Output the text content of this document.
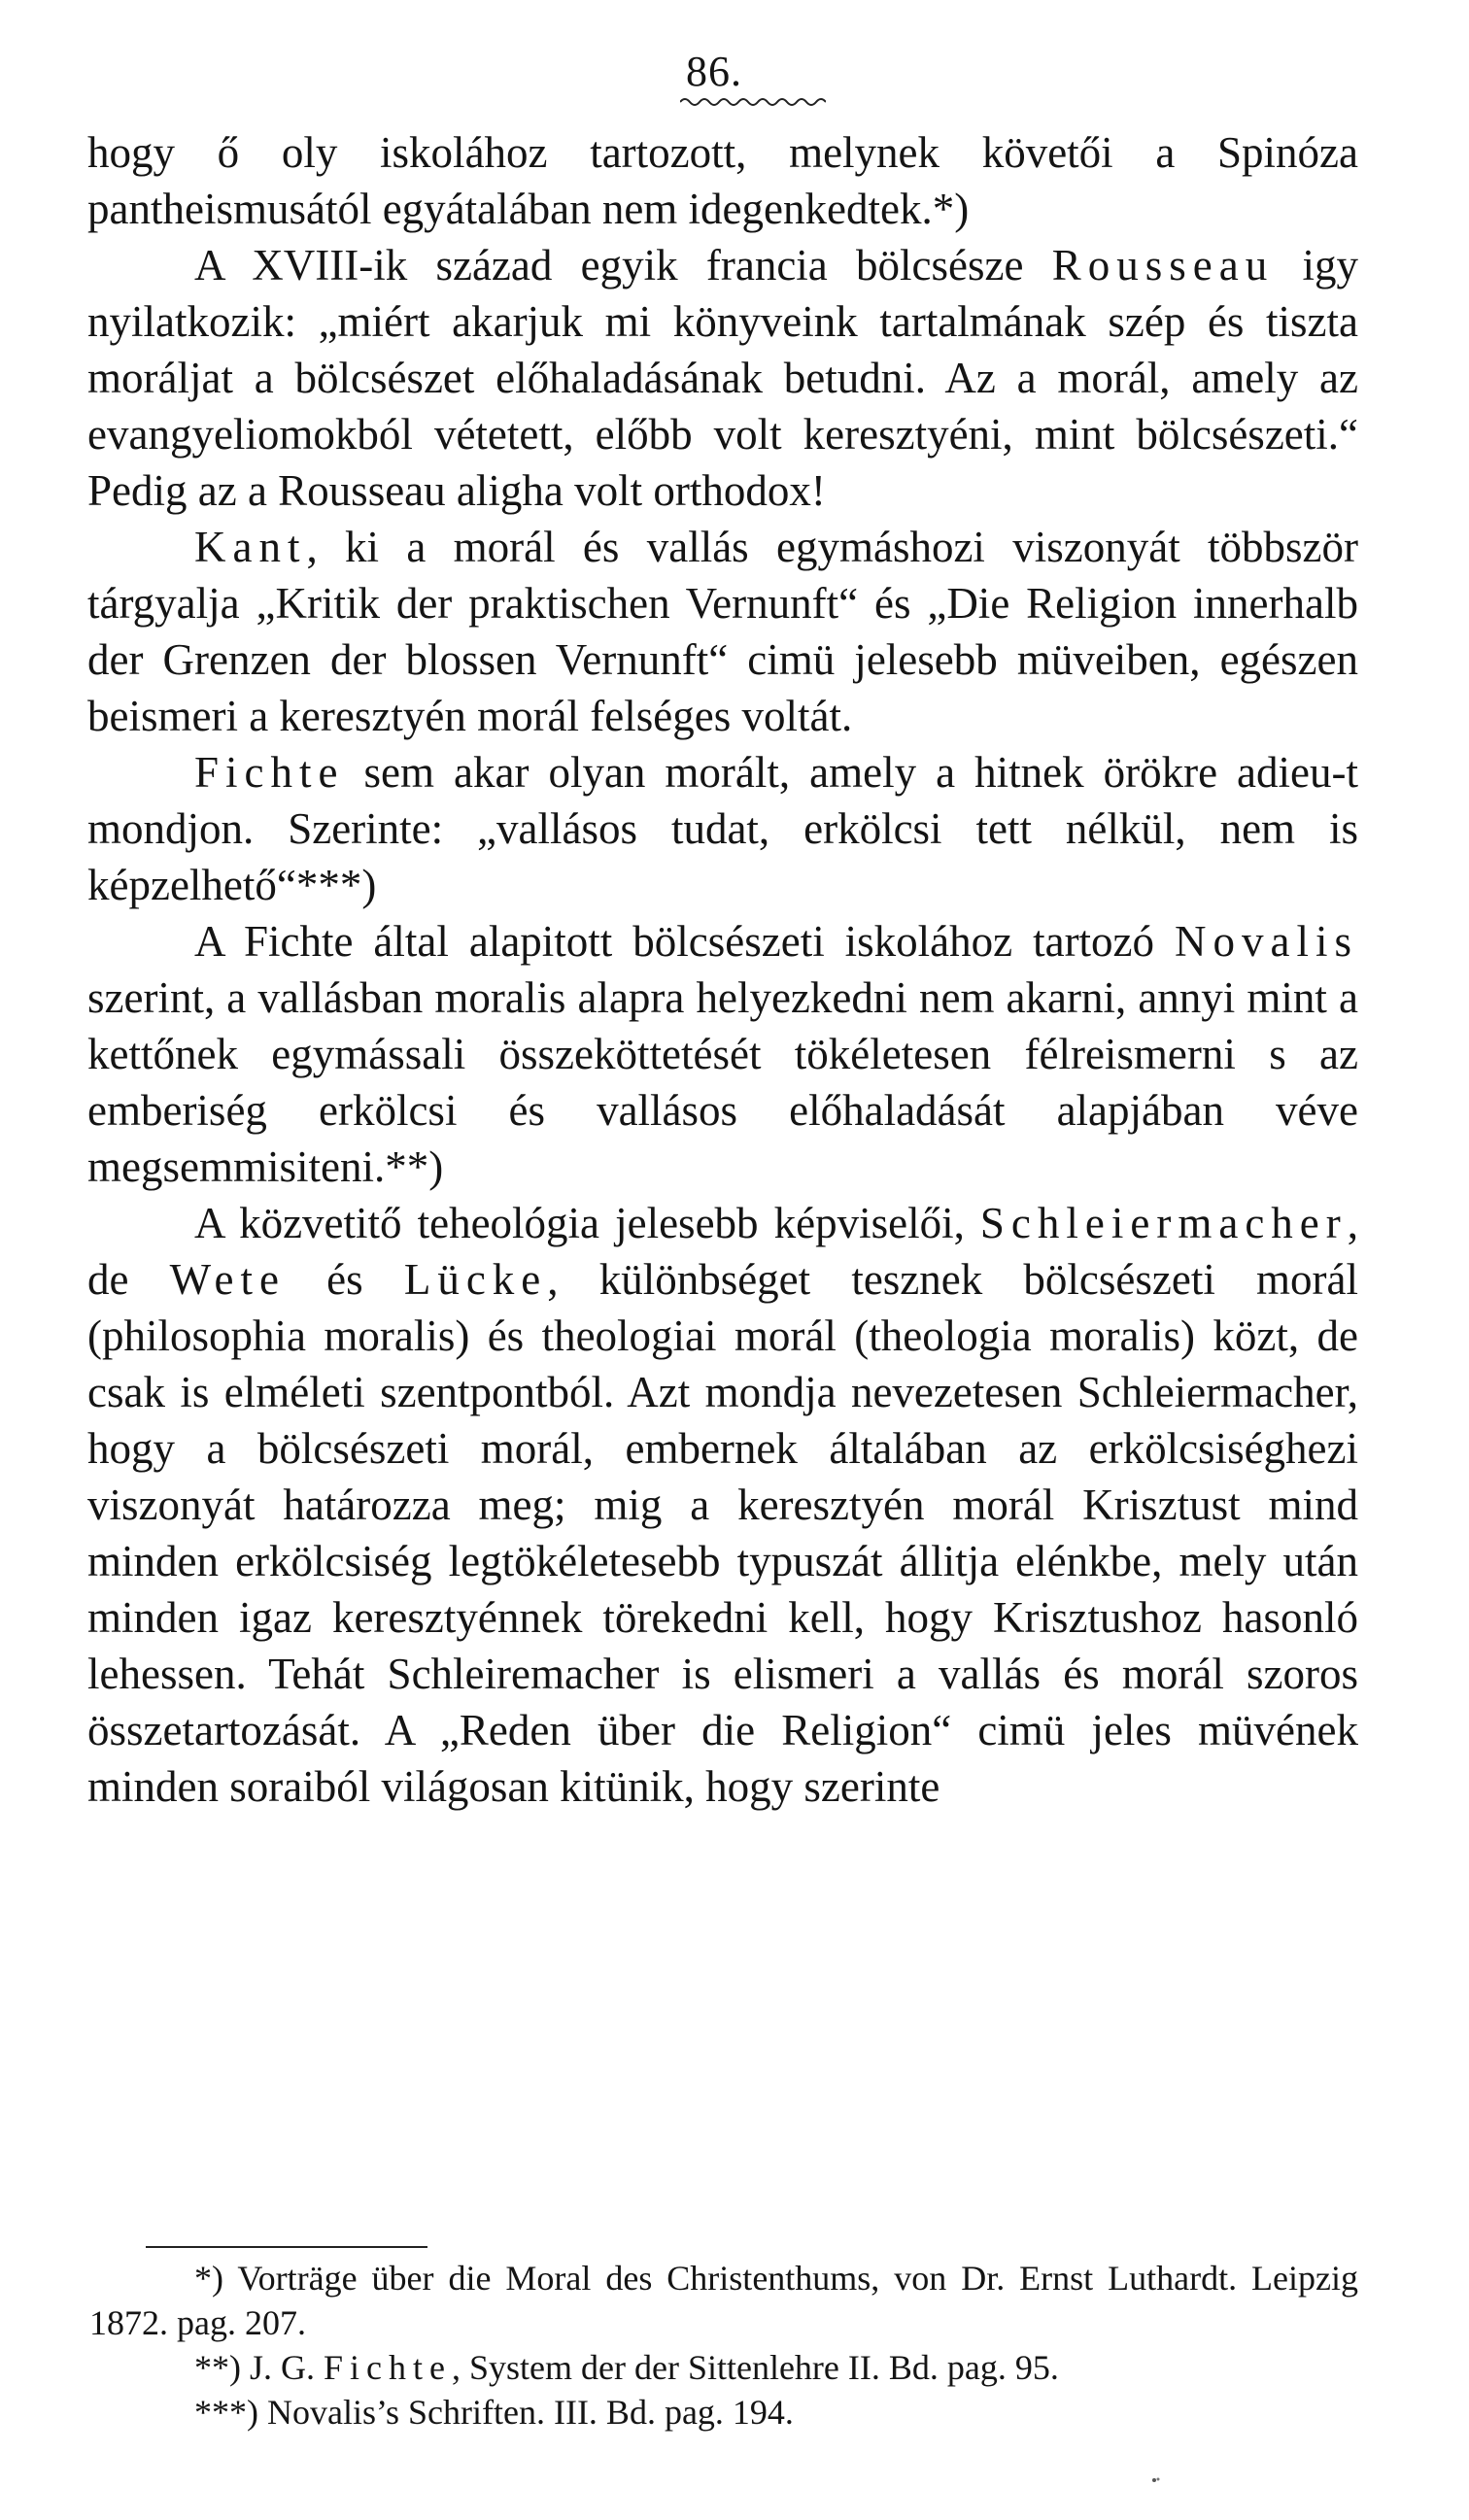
86.

hogy ő oly iskolához tartozott, melynek követői a Spinóza pantheismusától egyátalában nem idegenkedtek.*)

A XVIII-ik század egyik francia bölcsésze Rousseau igy nyilatkozik: „miért akarjuk mi könyveink tartalmának szép és tiszta moráljat a bölcsészet előhaladásának betudni. Az a morál, amely az evangyeliomokból vétetett, előbb volt keresztyéni, mint bölcsészeti.“ Pedig az a Rousseau aligha volt orthodox!

Kant, ki a morál és vallás egymáshozi viszonyát többször tárgyalja „Kritik der praktischen Vernunft“ és „Die Religion innerhalb der Grenzen der blossen Vernunft“ cimü jelesebb müveiben, egészen beismeri a keresztyén morál felséges voltát.

Fichte sem akar olyan morált, amely a hitnek örökre adieu-t mondjon. Szerinte: „vallásos tudat, erkölcsi tett nélkül, nem is képzelhető“***)

A Fichte által alapitott bölcsészeti iskolához tartozó Novalis szerint, a vallásban moralis alapra helyezkedni nem akarni, annyi mint a kettőnek egymássali összeköttetését tökéletesen félreismerni s az emberiség erkölcsi és vallásos előhaladását alapjában véve megsemmisiteni.**)

A közvetitő teheológia jelesebb képviselői, Schleiermacher, de Wete és Lücke, különbséget tesznek bölcsészeti morál (philosophia moralis) és theologiai morál (theologia moralis) közt, de csak is elméleti szentpontból. Azt mondja nevezetesen Schleiermacher, hogy a bölcsészeti morál, embernek általában az erkölcsiséghezi viszonyát határozza meg; mig a keresztyén morál Krisztust mind minden erkölcsiség legtökéletesebb typuszát állitja elénkbe, mely után minden igaz keresztyénnek törekedni kell, hogy Krisztushoz hasonló lehessen. Tehát Schleiremacher is elismeri a vallás és morál szoros összetartozását. A „Reden über die Religion“ cimü jeles müvének minden soraiból világosan kitünik, hogy szerinte

*) Vorträge über die Moral des Christenthums, von Dr. Ernst Luthardt. Leipzig 1872. pag. 207.

**) J. G. Fichte, System der der Sittenlehre II. Bd. pag. 95.

***) Novalis’s Schriften. III. Bd. pag. 194.
